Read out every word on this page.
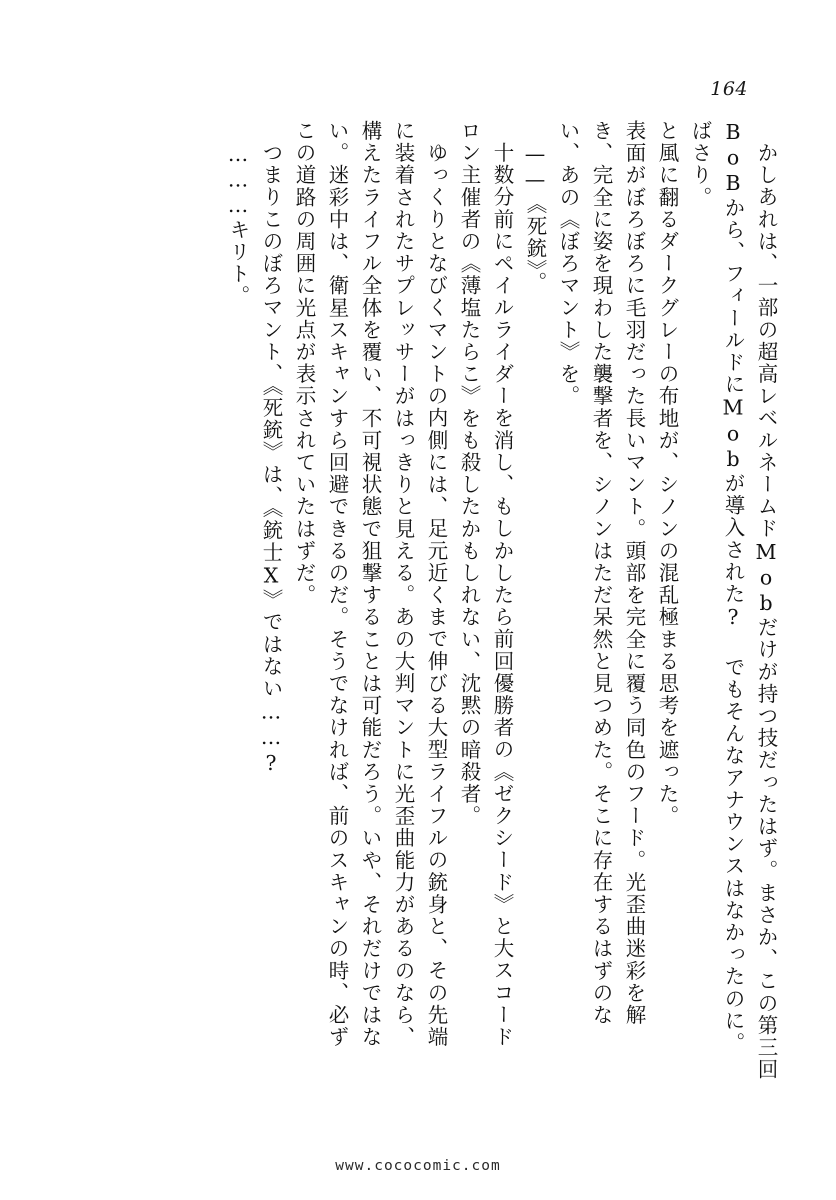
164
かしあれは、一部の超高レベルネームドMobだけが持つ技だったはず。まさか、この第三回
BoBから、フィールドにMobが導入された? でもそんなアナウンスはなかったのに。
ばさり。
と風に翻るダークグレーの布地が、シノンの混乱極まる思考を遮った。
表面がぼろぼろに毛羽だった長いマント。頭部を完全に覆う同色のフード。光歪曲迷彩を解
き、完全に姿を現わした襲撃者を、シノンはただ呆然と見つめた。そこに存在するはずのな
い、あの《ぼろマント》を。
——《死銃》。
十数分前にペイルライダーを消し、もしかしたら前回優勝者の《ゼクシード》と大スコード
ロン主催者の《薄塩たらこ》をも殺したかもしれない、沈黙の暗殺者。
ゆっくりとなびくマントの内側には、足元近くまで伸びる大型ライフルの銃身と、その先端
に装着されたサプレッサーがはっきりと見える。あの大判マントに光歪曲能力があるのなら、
構えたライフル全体を覆い、不可視状態で狙撃することは可能だろう。いや、それだけではな
い。迷彩中は、衛星スキャンすら回避できるのだ。そうでなければ、前のスキャンの時、必ず
この道路の周囲に光点が表示されていたはずだ。
つまりこのぼろマント、《死銃》は、《銃士X》ではない……?
………キリト。
www.cococomic.com
